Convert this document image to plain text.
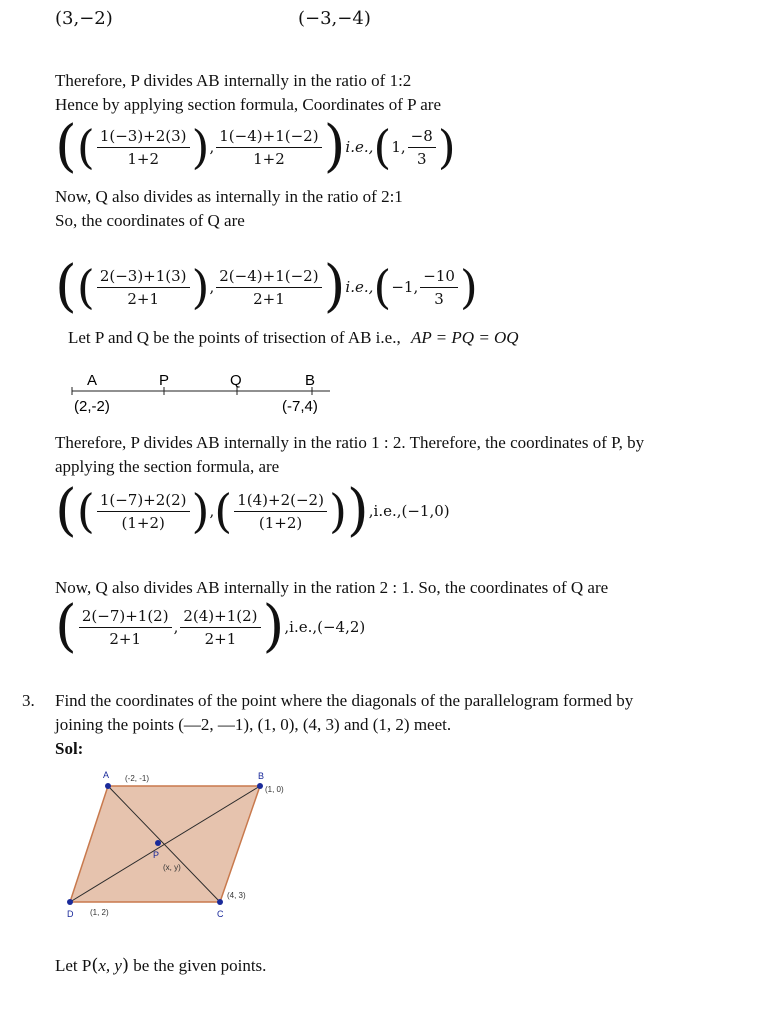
(3,−2)	(−3,−4)
Therefore, P divides AB internally in the ratio of 1:2
Hence by applying section formula, Coordinates of P are
( ( $\frac{1(-3)+2(3)}{1+2}$ ) , $\frac{1(-4)+1(-2)}{1+2}$ ) i.e., ( 1, $\frac{-8}{3}$ )
Now, Q also divides as internally in the ratio of 2:1
So, the coordinates of Q are
( ( $\frac{2(-3)+1(3)}{2+1}$ ) , $\frac{2(-4)+1(-2)}{2+1}$ ) i.e., ( −1, $\frac{-10}{3}$ )
Let P and Q be the points of trisection of AB i.e., AP = PQ = OQ
A	P	Q	B
(2,-2)	(-7,4)
Therefore, P divides AB internally in the ratio 1 : 2. Therefore, the coordinates of P, by
applying the section formula, are
( ( $\frac{1(-7)+2(2)}{(1+2)}$ ) , ( $\frac{1(4)+2(-2)}{(1+2)}$ ) ) ,i.e.,(−1,0)
Now, Q also divides AB internally in the ration 2 : 1. So, the coordinates of Q are
( $\frac{2(-7)+1(2)}{2+1}$ , $\frac{2(4)+1(2)}{2+1}$ ) ,i.e.,(−4,2)
3. Find the coordinates of the point where the diagonals of the parallelogram formed by
joining the points (—2, —1), (1, 0), (4, 3) and (1, 2) meet.
Sol:
A (-2, -1)	B
(1, 0)
P
(x, y)
(4, 3)
C
D (1, 2)
Let P(x, y) be the given points.
